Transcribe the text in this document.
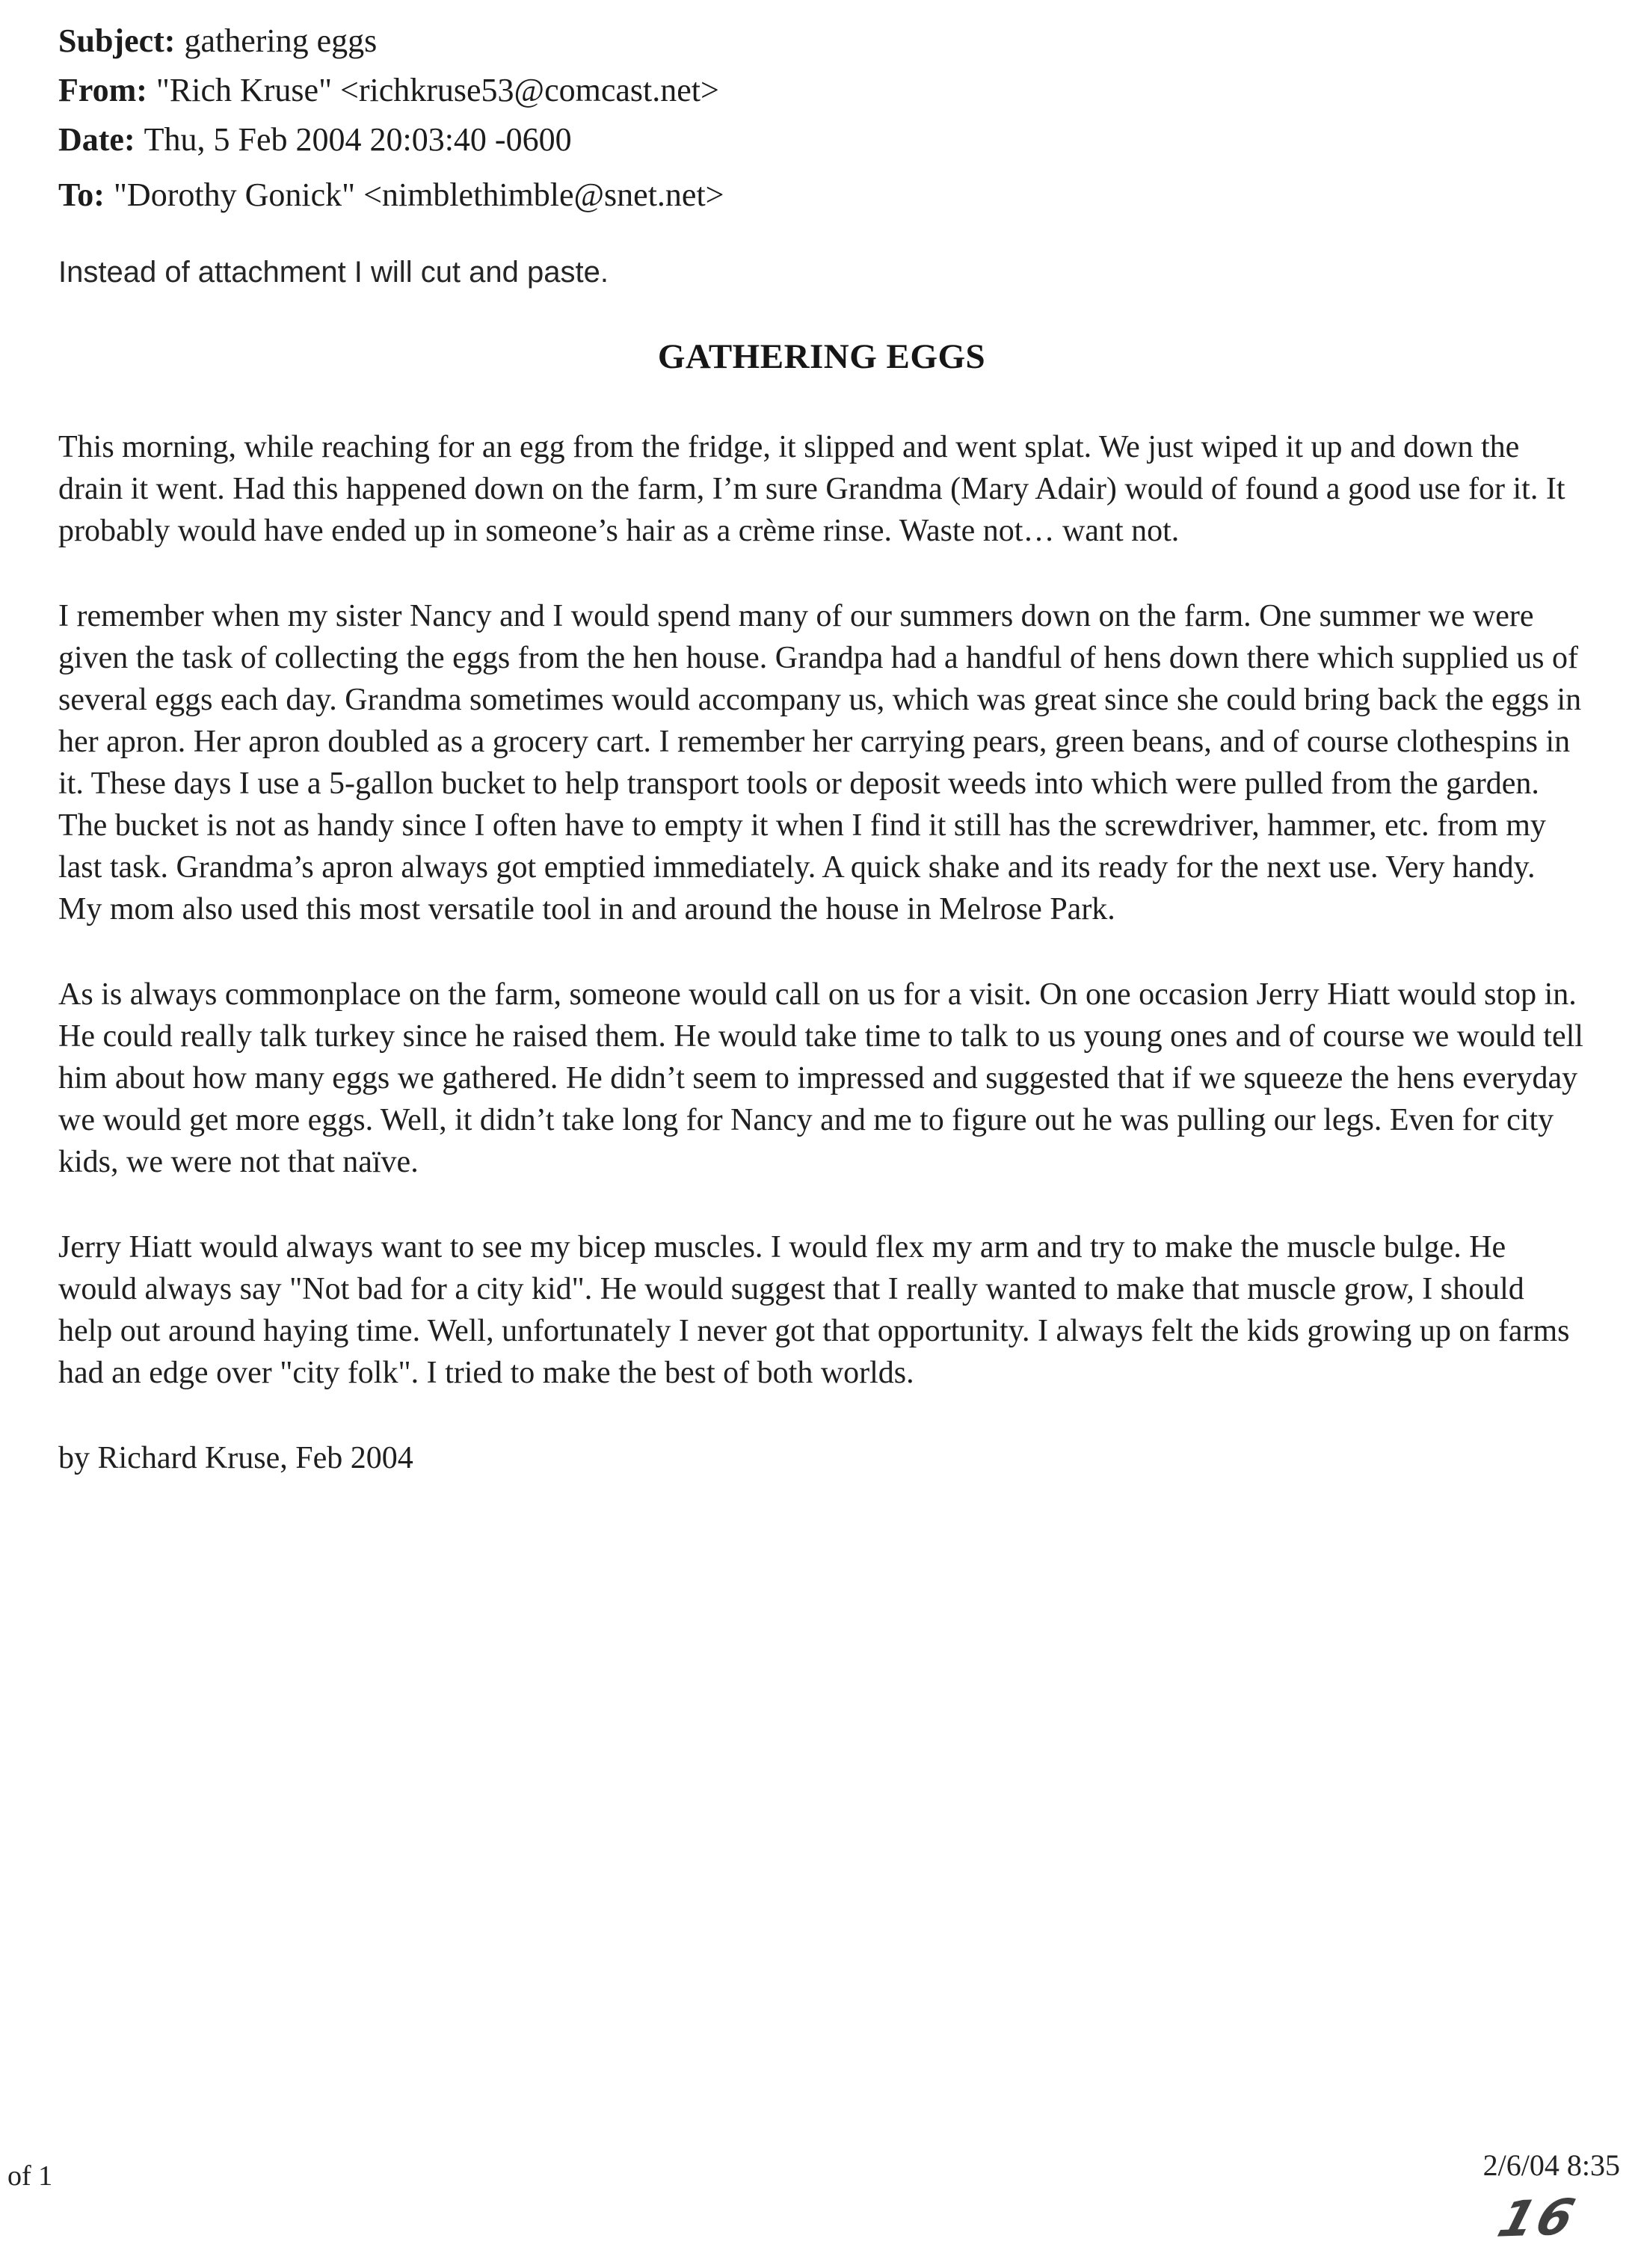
Subject: gathering eggs
From: "Rich Kruse" <richkruse53@comcast.net>
Date: Thu, 5 Feb 2004 20:03:40 -0600
To: "Dorothy Gonick" <nimblethimble@snet.net>

Instead of attachment I will cut and paste.

GATHERING EGGS

This morning, while reaching for an egg from the fridge, it slipped and went splat. We just wiped it up and down the drain it went. Had this happened down on the farm, I’m sure Grandma (Mary Adair) would of found a good use for it. It probably would have ended up in someone’s hair as a crème rinse. Waste not… want not.

I remember when my sister Nancy and I would spend many of our summers down on the farm. One summer we were given the task of collecting the eggs from the hen house. Grandpa had a handful of hens down there which supplied us of several eggs each day. Grandma sometimes would accompany us, which was great since she could bring back the eggs in her apron. Her apron doubled as a grocery cart. I remember her carrying pears, green beans, and of course clothespins in it. These days I use a 5-gallon bucket to help transport tools or deposit weeds into which were pulled from the garden. The bucket is not as handy since I often have to empty it when I find it still has the screwdriver, hammer, etc. from my last task. Grandma’s apron always got emptied immediately. A quick shake and its ready for the next use. Very handy. My mom also used this most versatile tool in and around the house in Melrose Park.

As is always commonplace on the farm, someone would call on us for a visit. On one occasion Jerry Hiatt would stop in. He could really talk turkey since he raised them. He would take time to talk to us young ones and of course we would tell him about how many eggs we gathered. He didn’t seem to impressed and suggested that if we squeeze the hens everyday we would get more eggs. Well, it didn’t take long for Nancy and me to figure out he was pulling our legs. Even for city kids, we were not that naïve.

Jerry Hiatt would always want to see my bicep muscles. I would flex my arm and try to make the muscle bulge. He would always say "Not bad for a city kid". He would suggest that I really wanted to make that muscle grow, I should help out around haying time. Well, unfortunately I never got that opportunity. I always felt the kids growing up on farms had an edge over "city folk". I tried to make the best of both worlds.

by Richard Kruse, Feb 2004

of 1	2/6/04 8:35
16
